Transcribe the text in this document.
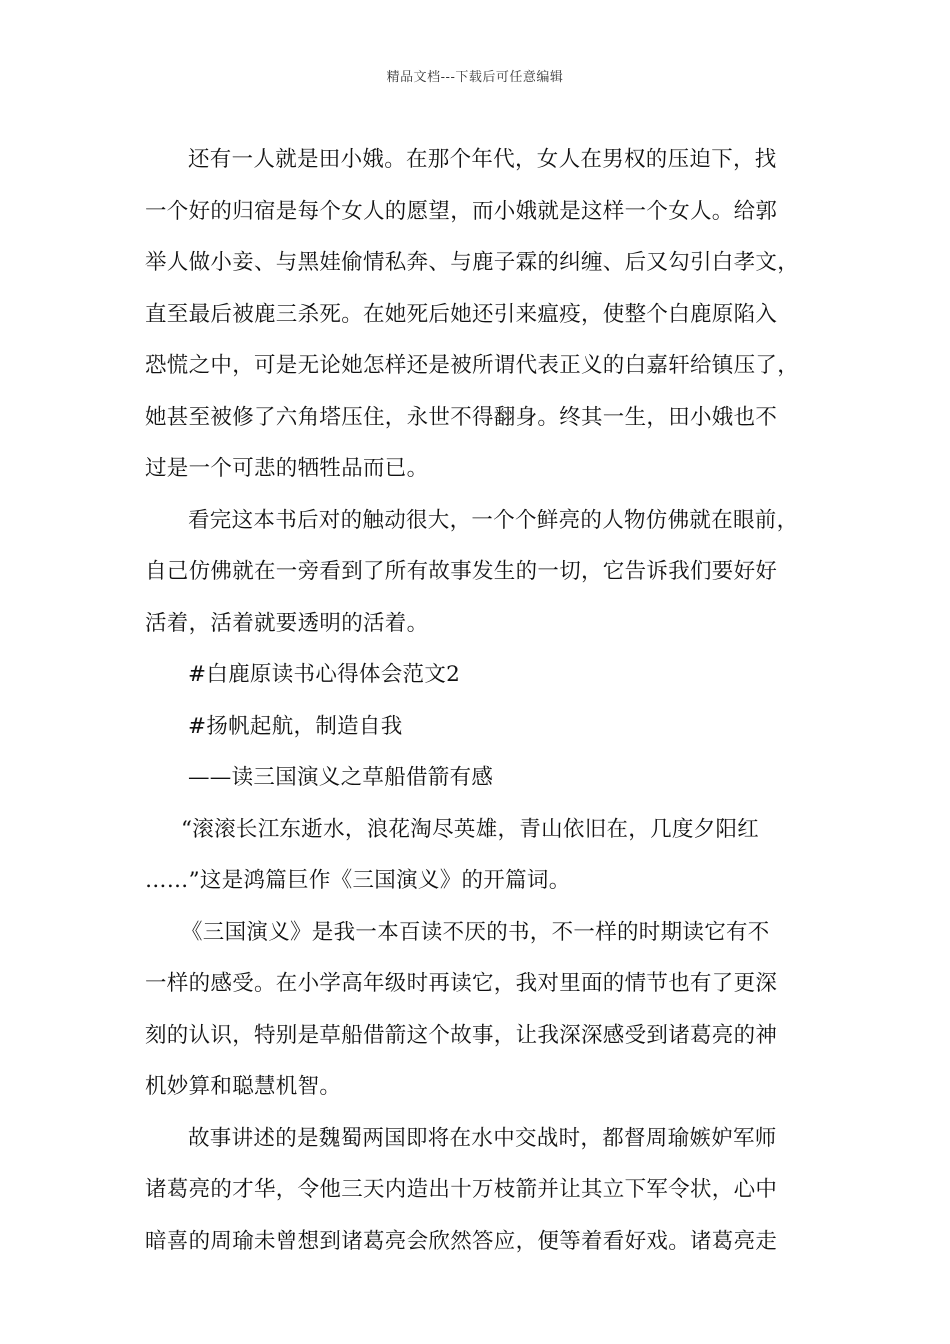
精品文档---下载后可任意编辑
还有一人就是田小娥。在那个年代，女人在男权的压迫下，找
一个好的归宿是每个女人的愿望，而小娥就是这样一个女人。给郭
举人做小妾、与黑娃偷情私奔、与鹿子霖的纠缠、后又勾引白孝文，
直至最后被鹿三杀死。在她死后她还引来瘟疫，使整个白鹿原陷入
恐慌之中，可是无论她怎样还是被所谓代表正义的白嘉轩给镇压了，
她甚至被修了六角塔压住，永世不得翻身。终其一生，田小娥也不
过是一个可悲的牺牲品而已。
看完这本书后对的触动很大，一个个鲜亮的人物仿佛就在眼前，
自己仿佛就在一旁看到了所有故事发生的一切，它告诉我们要好好
活着，活着就要透明的活着。
#白鹿原读书心得体会范文2
#扬帆起航，制造自我
——读三国演义之草船借箭有感
“滚滚长江东逝水，浪花淘尽英雄，青山依旧在，几度夕阳红
……”这是鸿篇巨作《三国演义》的开篇词。
《三国演义》是我一本百读不厌的书，不一样的时期读它有不
一样的感受。在小学高年级时再读它，我对里面的情节也有了更深
刻的认识，特别是草船借箭这个故事，让我深深感受到诸葛亮的神
机妙算和聪慧机智。
故事讲述的是魏蜀两国即将在水中交战时，都督周瑜嫉妒军师
诸葛亮的才华，令他三天内造出十万枝箭并让其立下军令状，心中
暗喜的周瑜未曾想到诸葛亮会欣然答应，便等着看好戏。诸葛亮走
